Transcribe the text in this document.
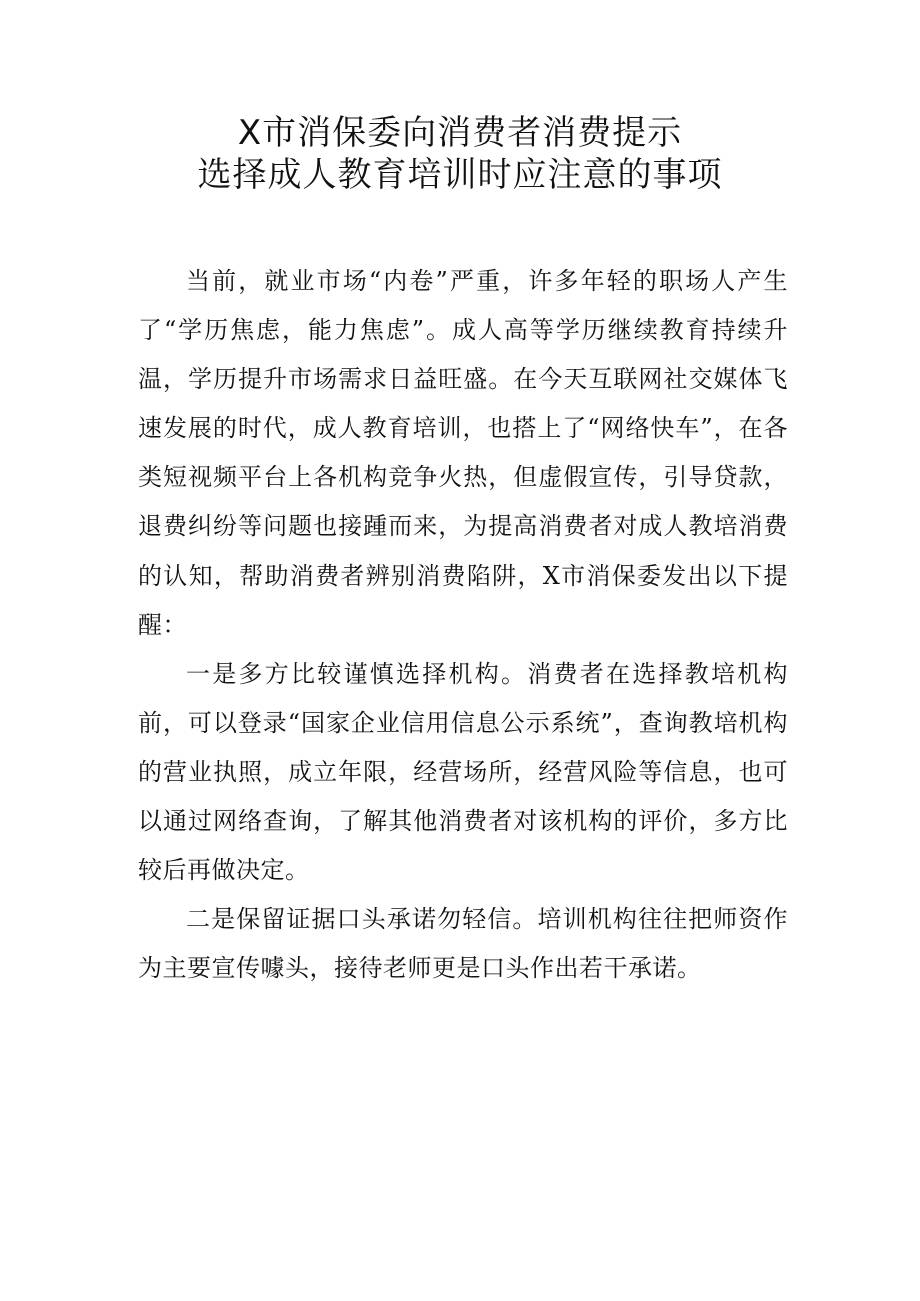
X市消保委向消费者消费提示
选择成人教育培训时应注意的事项

当前，就业市场“内卷”严重，许多年轻的职场人产生了“学历焦虑，能力焦虑”。成人高等学历继续教育持续升温，学历提升市场需求日益旺盛。在今天互联网社交媒体飞速发展的时代，成人教育培训，也搭上了“网络快车”，在各类短视频平台上各机构竞争火热，但虚假宣传，引导贷款，退费纠纷等问题也接踵而来，为提高消费者对成人教培消费的认知，帮助消费者辨别消费陷阱，X市消保委发出以下提醒：

一是多方比较谨慎选择机构。消费者在选择教培机构前，可以登录“国家企业信用信息公示系统”，查询教培机构的营业执照，成立年限，经营场所，经营风险等信息，也可以通过网络查询，了解其他消费者对该机构的评价，多方比较后再做决定。

二是保留证据口头承诺勿轻信。培训机构往往把师资作为主要宣传噱头，接待老师更是口头作出若干承诺。
